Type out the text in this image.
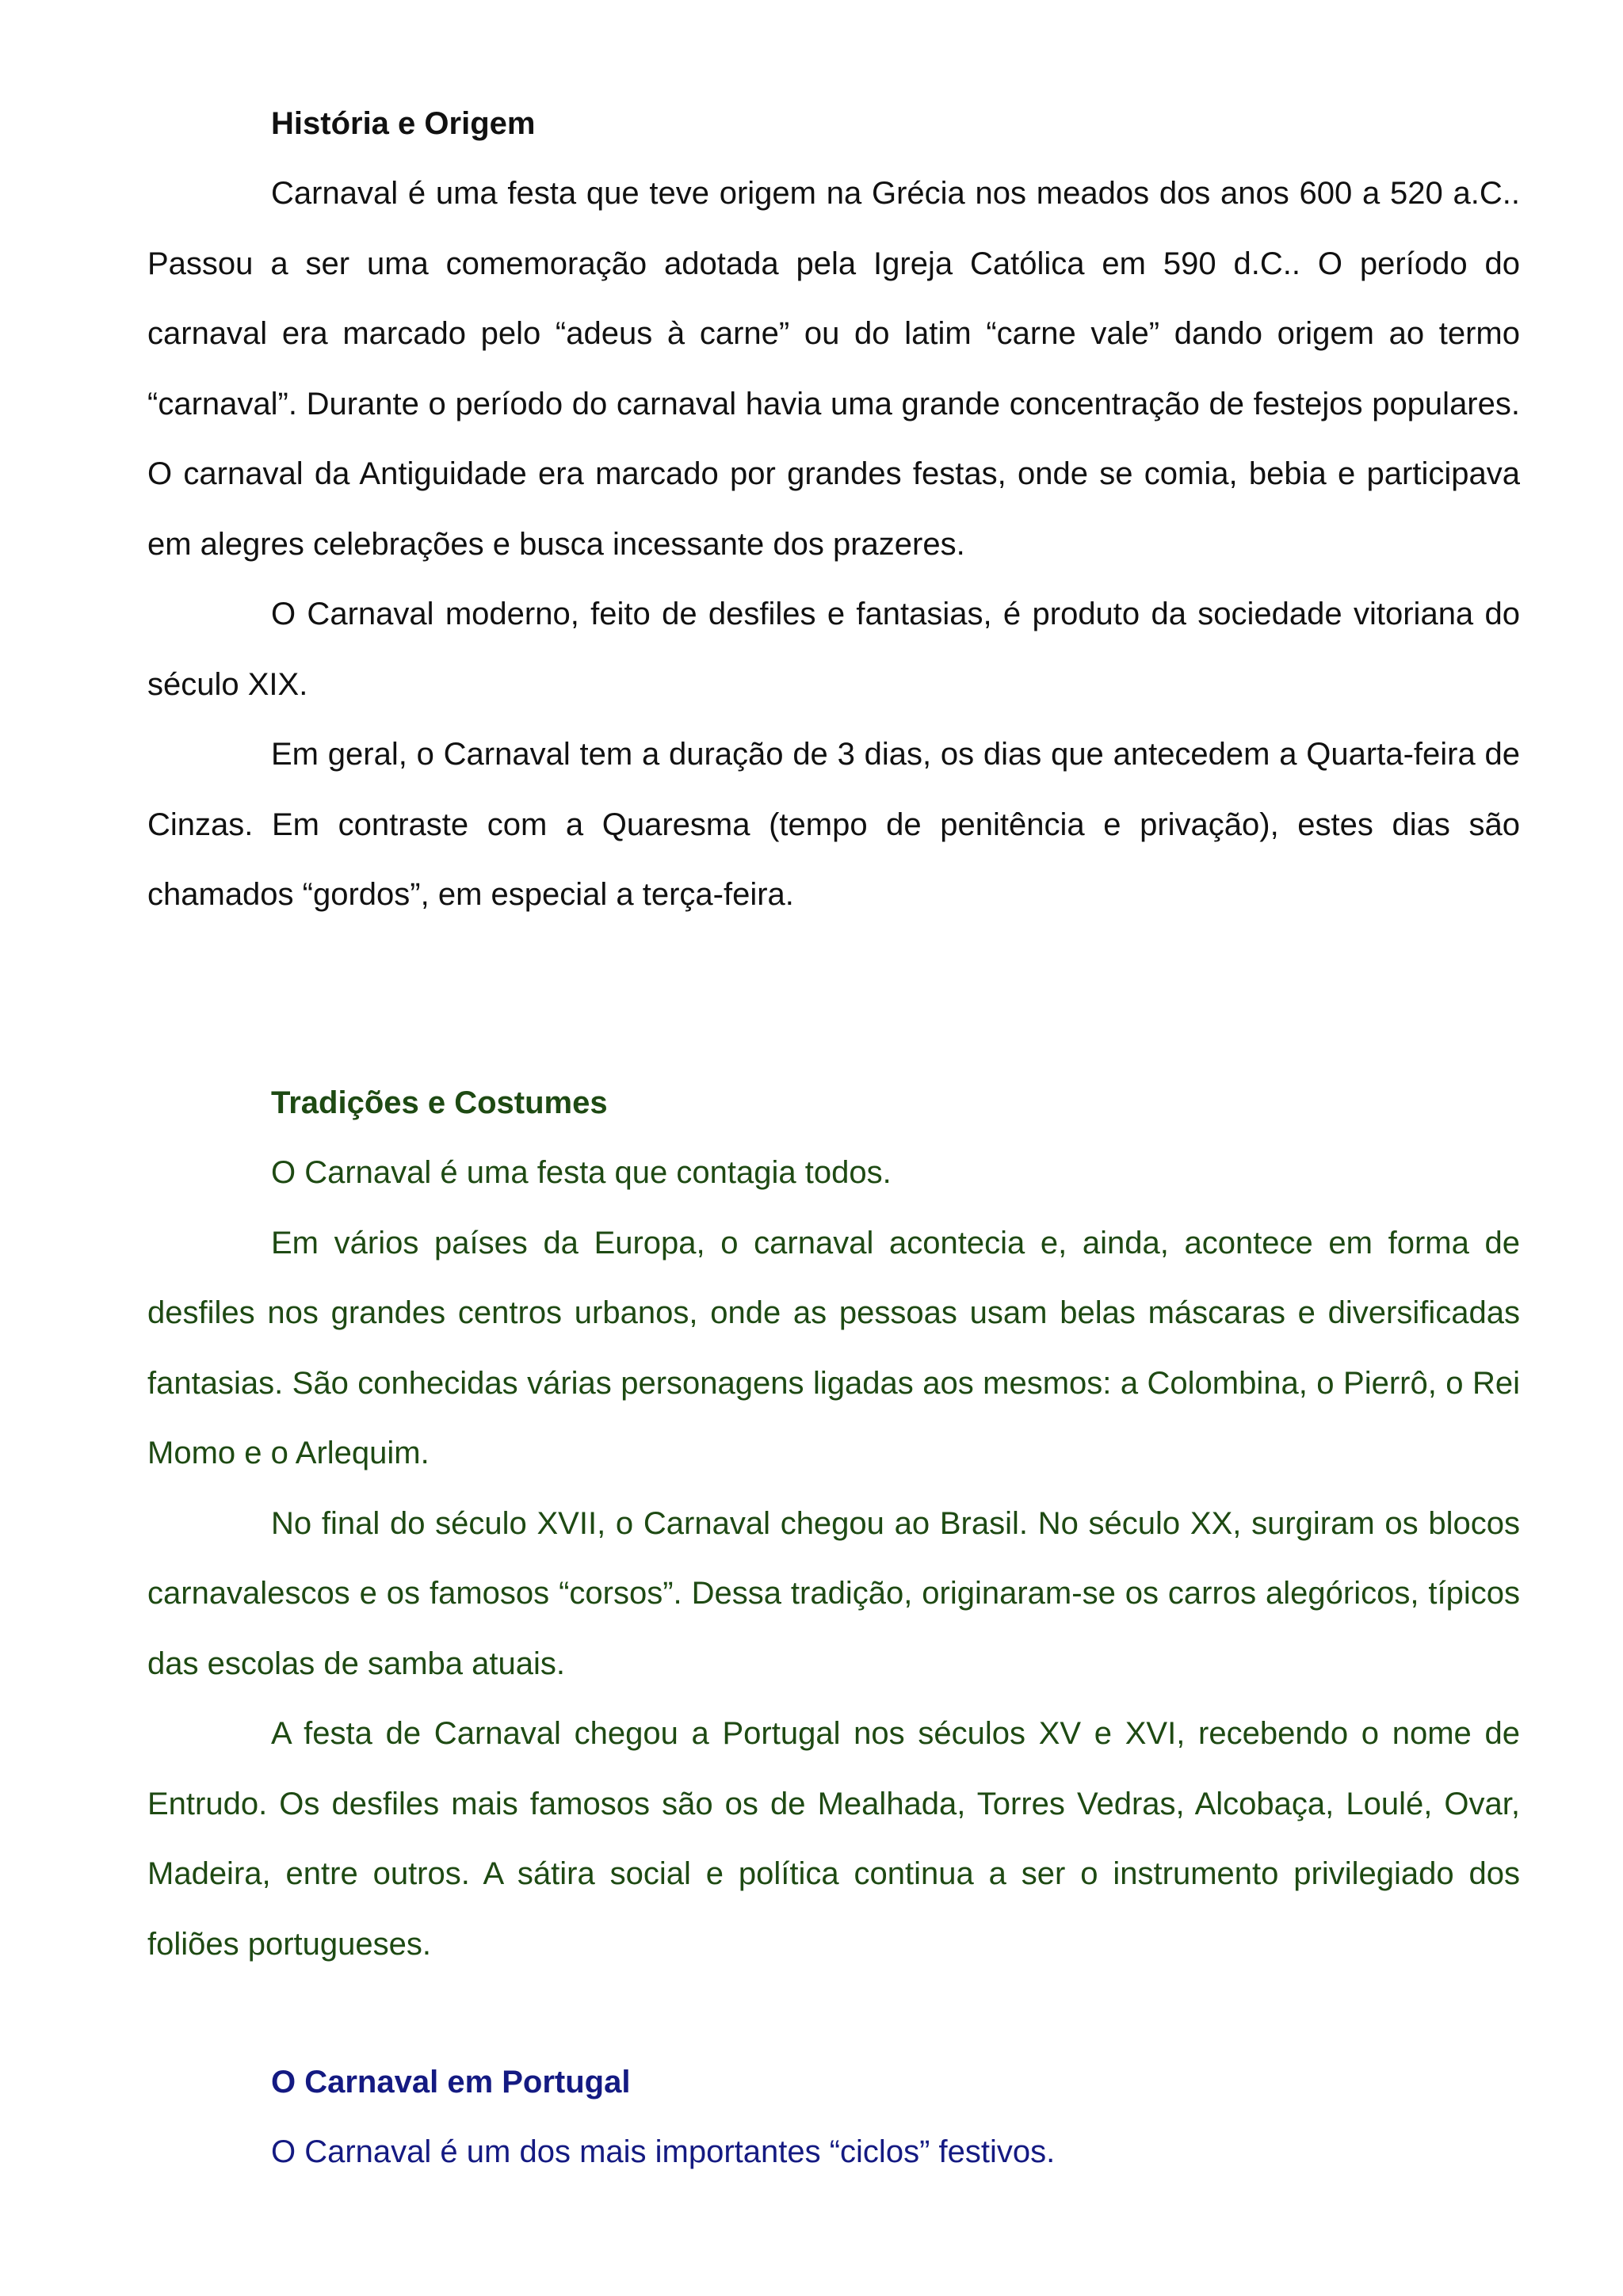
História e Origem

Carnaval é uma festa que teve origem na Grécia nos meados dos anos 600 a 520 a.C.. Passou a ser uma comemoração adotada pela Igreja Católica em 590 d.C.. O período do carnaval era marcado pelo “adeus à carne” ou do latim “carne vale” dando origem ao termo “carnaval”. Durante o período do carnaval havia uma grande concentração de festejos populares. O carnaval da Antiguidade era marcado por grandes festas, onde se comia, bebia e participava em alegres celebrações e busca incessante dos prazeres.

O Carnaval moderno, feito de desfiles e fantasias, é produto da sociedade vitoriana do século XIX.

Em geral, o Carnaval tem a duração de 3 dias, os dias que antecedem a Quarta-feira de Cinzas. Em contraste com a Quaresma (tempo de penitência e privação), estes dias são chamados “gordos”, em especial a terça-feira.

Tradições e Costumes

O Carnaval é uma festa que contagia todos.

Em vários países da Europa, o carnaval acontecia e, ainda, acontece em forma de desfiles nos grandes centros urbanos, onde as pessoas usam belas máscaras e diversificadas fantasias. São conhecidas várias personagens ligadas aos mesmos: a Colombina, o Pierrô, o Rei Momo e o Arlequim.

No final do século XVII, o Carnaval chegou ao Brasil. No século XX, surgiram os blocos carnavalescos e os famosos “corsos”. Dessa tradição, originaram-se os carros alegóricos, típicos das escolas de samba atuais.

A festa de Carnaval chegou a Portugal nos séculos XV e XVI, recebendo o nome de Entrudo. Os desfiles mais famosos são os de Mealhada, Torres Vedras, Alcobaça, Loulé, Ovar, Madeira, entre outros. A sátira social e política continua a ser o instrumento privilegiado dos foliões portugueses.

O Carnaval em Portugal

O Carnaval é um dos mais importantes “ciclos” festivos.
